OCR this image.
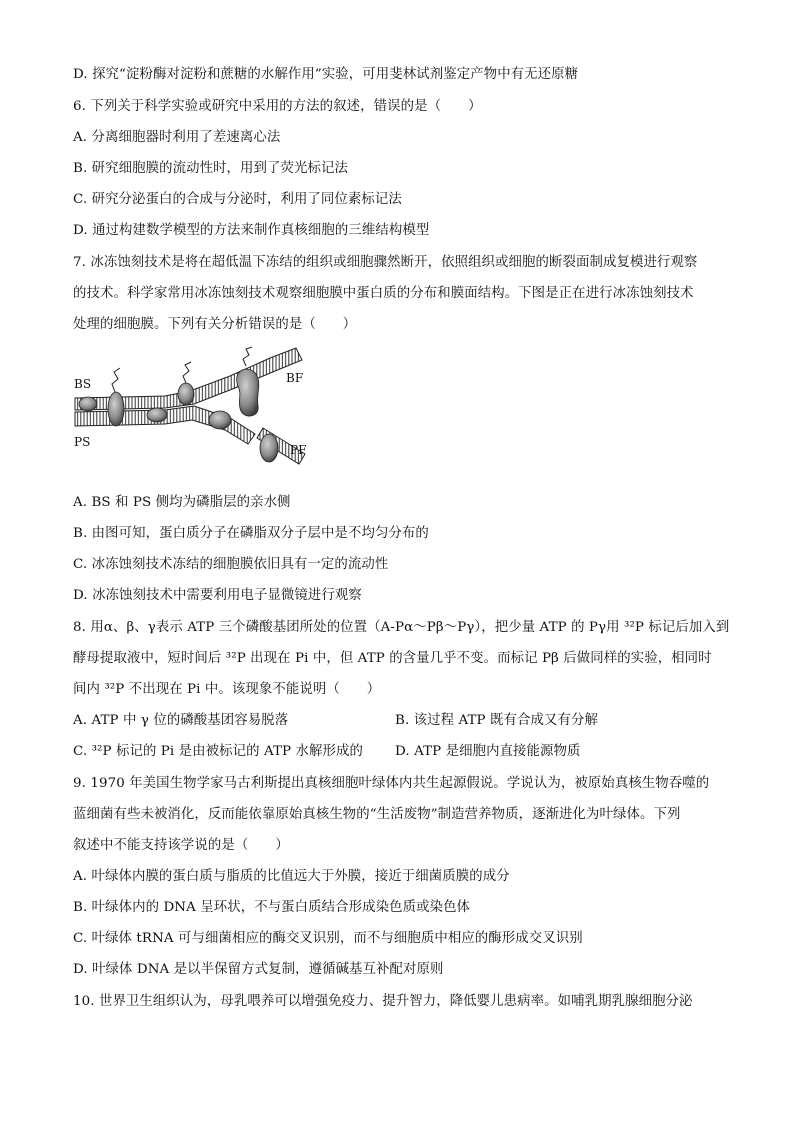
D. 探究“淀粉酶对淀粉和蔗糖的水解作用”实验，可用斐林试剂鉴定产物中有无还原糖
6. 下列关于科学实验或研究中采用的方法的叙述，错误的是（　　）
A. 分离细胞器时利用了差速离心法
B. 研究细胞膜的流动性时，用到了荧光标记法
C. 研究分泌蛋白的合成与分泌时，利用了同位素标记法
D. 通过构建数学模型的方法来制作真核细胞的三维结构模型
7. 冰冻蚀刻技术是将在超低温下冻结的组织或细胞骤然断开，依照组织或细胞的断裂面制成复模进行观察
的技术。科学家常用冰冻蚀刻技术观察细胞膜中蛋白质的分布和膜面结构。下图是正在进行冰冻蚀刻技术
处理的细胞膜。下列有关分析错误的是（　　）
BS
PS
BF
PF
A. BS 和 PS 侧均为磷脂层的亲水侧
B. 由图可知，蛋白质分子在磷脂双分子层中是不均匀分布的
C. 冰冻蚀刻技术冻结的细胞膜依旧具有一定的流动性
D. 冰冻蚀刻技术中需要利用电子显微镜进行观察
8. 用α、β、γ表示 ATP 三个磷酸基团所处的位置（A-Pα～Pβ～Pγ），把少量 ATP 的 Pγ用 ³²P 标记后加入到
酵母提取液中，短时间后 ³²P 出现在 Pi 中，但 ATP 的含量几乎不变。而标记 Pβ 后做同样的实验，相同时
间内 ³²P 不出现在 Pi 中。该现象不能说明（　　）
A. ATP 中 γ 位的磷酸基团容易脱落	B. 该过程 ATP 既有合成又有分解
C. ³²P 标记的 Pi 是由被标记的 ATP 水解形成的 D. ATP 是细胞内直接能源物质
9. 1970 年美国生物学家马古利斯提出真核细胞叶绿体内共生起源假说。学说认为，被原始真核生物吞噬的
蓝细菌有些未被消化，反而能依靠原始真核生物的“生活废物”制造营养物质，逐渐进化为叶绿体。下列
叙述中不能支持该学说的是（　　）
A. 叶绿体内膜的蛋白质与脂质的比值远大于外膜，接近于细菌质膜的成分
B. 叶绿体内的 DNA 呈环状，不与蛋白质结合形成染色质或染色体
C. 叶绿体 tRNA 可与细菌相应的酶交叉识别，而不与细胞质中相应的酶形成交叉识别
D. 叶绿体 DNA 是以半保留方式复制，遵循碱基互补配对原则
10. 世界卫生组织认为，母乳喂养可以增强免疫力、提升智力，降低婴儿患病率。如哺乳期乳腺细胞分泌
